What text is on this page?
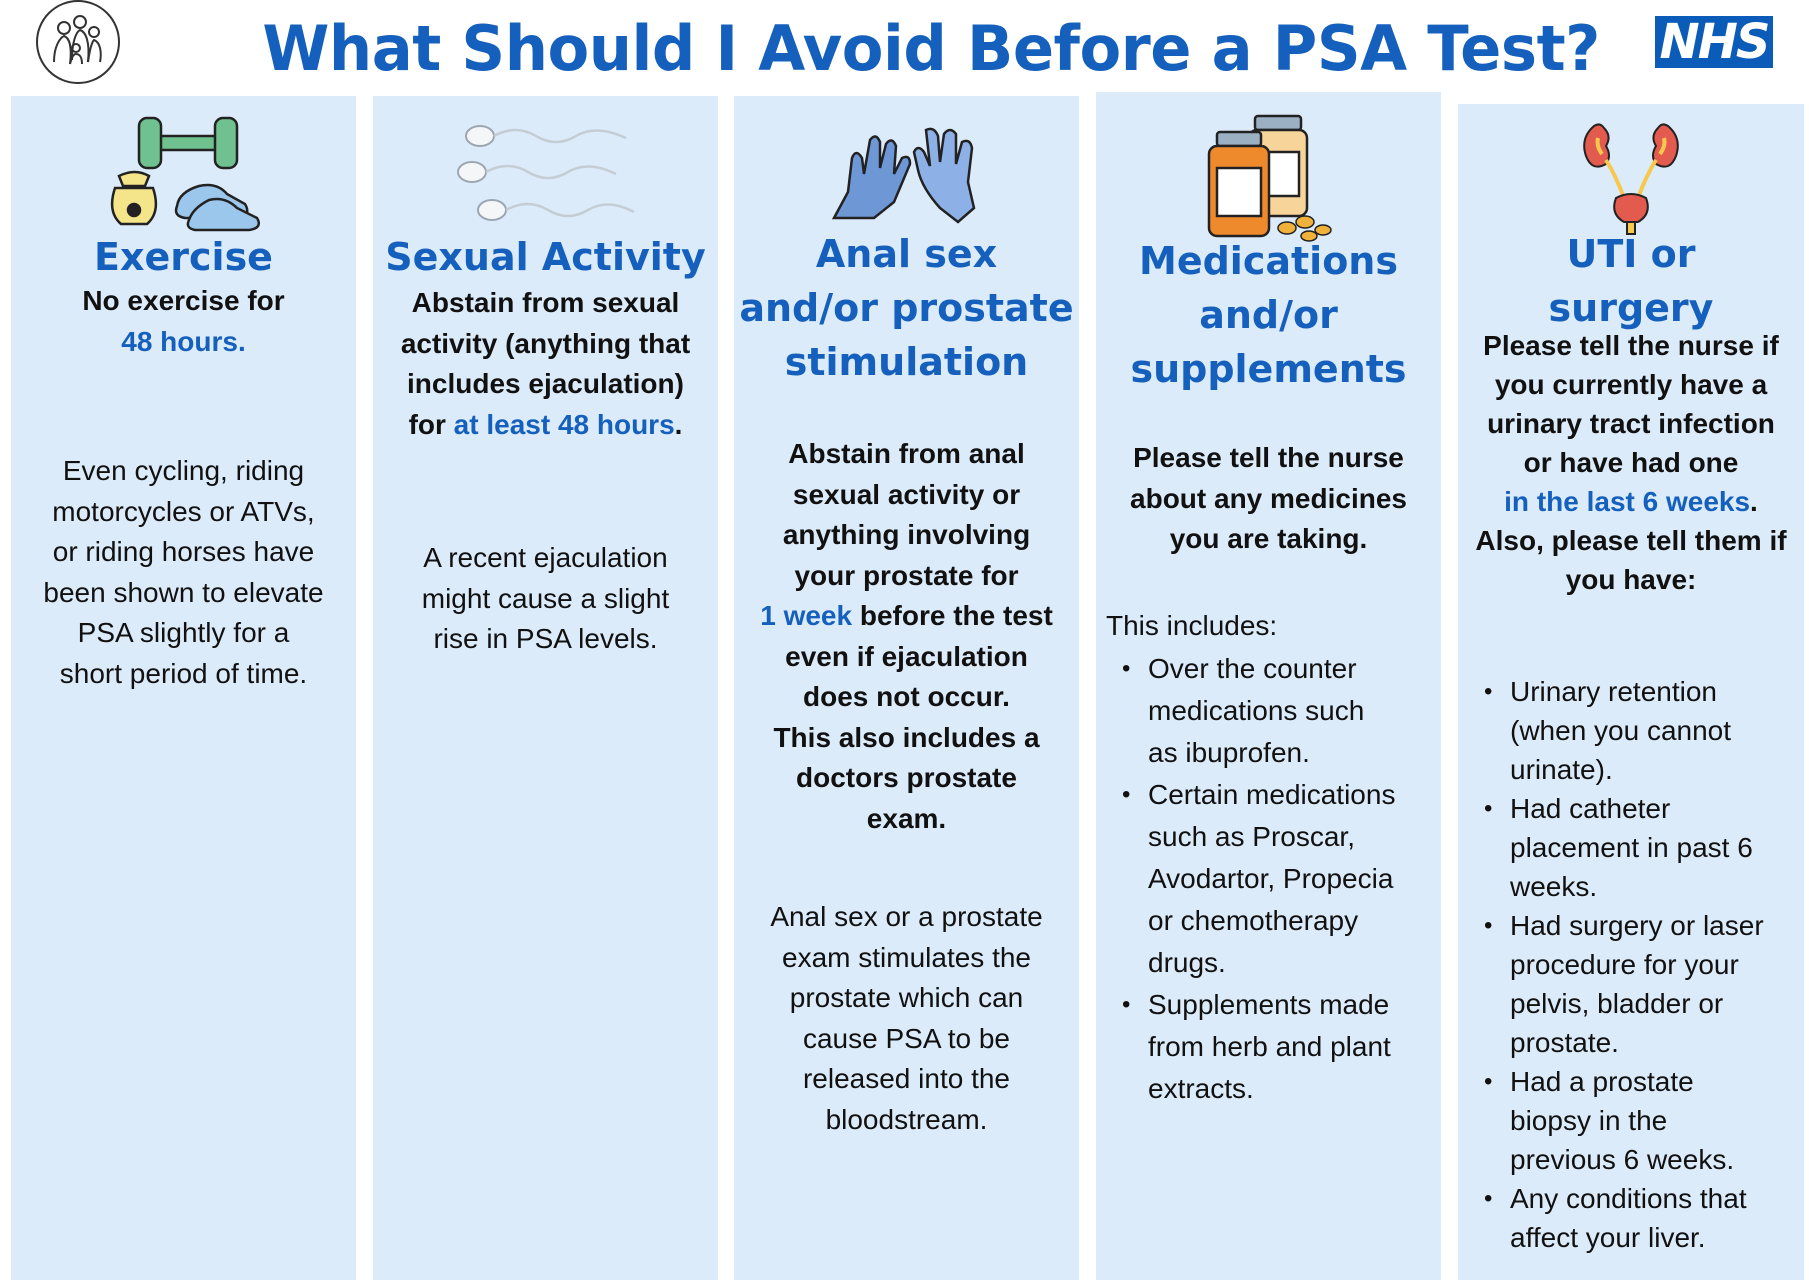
What Should I Avoid Before a PSA Test? NHS
Exercise
No exercise for
48 hours.
Even cycling, riding
motorcycles or ATVs,
or riding horses have
been shown to elevate
PSA slightly for a
short period of time.
Sexual Activity
Abstain from sexual
activity (anything that
includes ejaculation)
for at least 48 hours.
A recent ejaculation
might cause a slight
rise in PSA levels.
Anal sex
and/or prostate
stimulation
Abstain from anal
sexual activity or
anything involving
your prostate for
1 week before the test
even if ejaculation
does not occur.
This also includes a
doctors prostate
exam.
Anal sex or a prostate
exam stimulates the
prostate which can
cause PSA to be
released into the
bloodstream.
Medications
and/or
supplements
Please tell the nurse
about any medicines
you are taking.
This includes:
• Over the counter
medications such
as ibuprofen.
• Certain medications
such as Proscar,
Avodartor, Propecia
or chemotherapy
drugs.
• Supplements made
from herb and plant
extracts.
UTI or
surgery
Please tell the nurse if
you currently have a
urinary tract infection
or have had one
in the last 6 weeks.
Also, please tell them if
you have:
• Urinary retention
(when you cannot
urinate).
• Had catheter
placement in past 6
weeks.
• Had surgery or laser
procedure for your
pelvis, bladder or
prostate.
• Had a prostate
biopsy in the
previous 6 weeks.
• Any conditions that
affect your liver.
